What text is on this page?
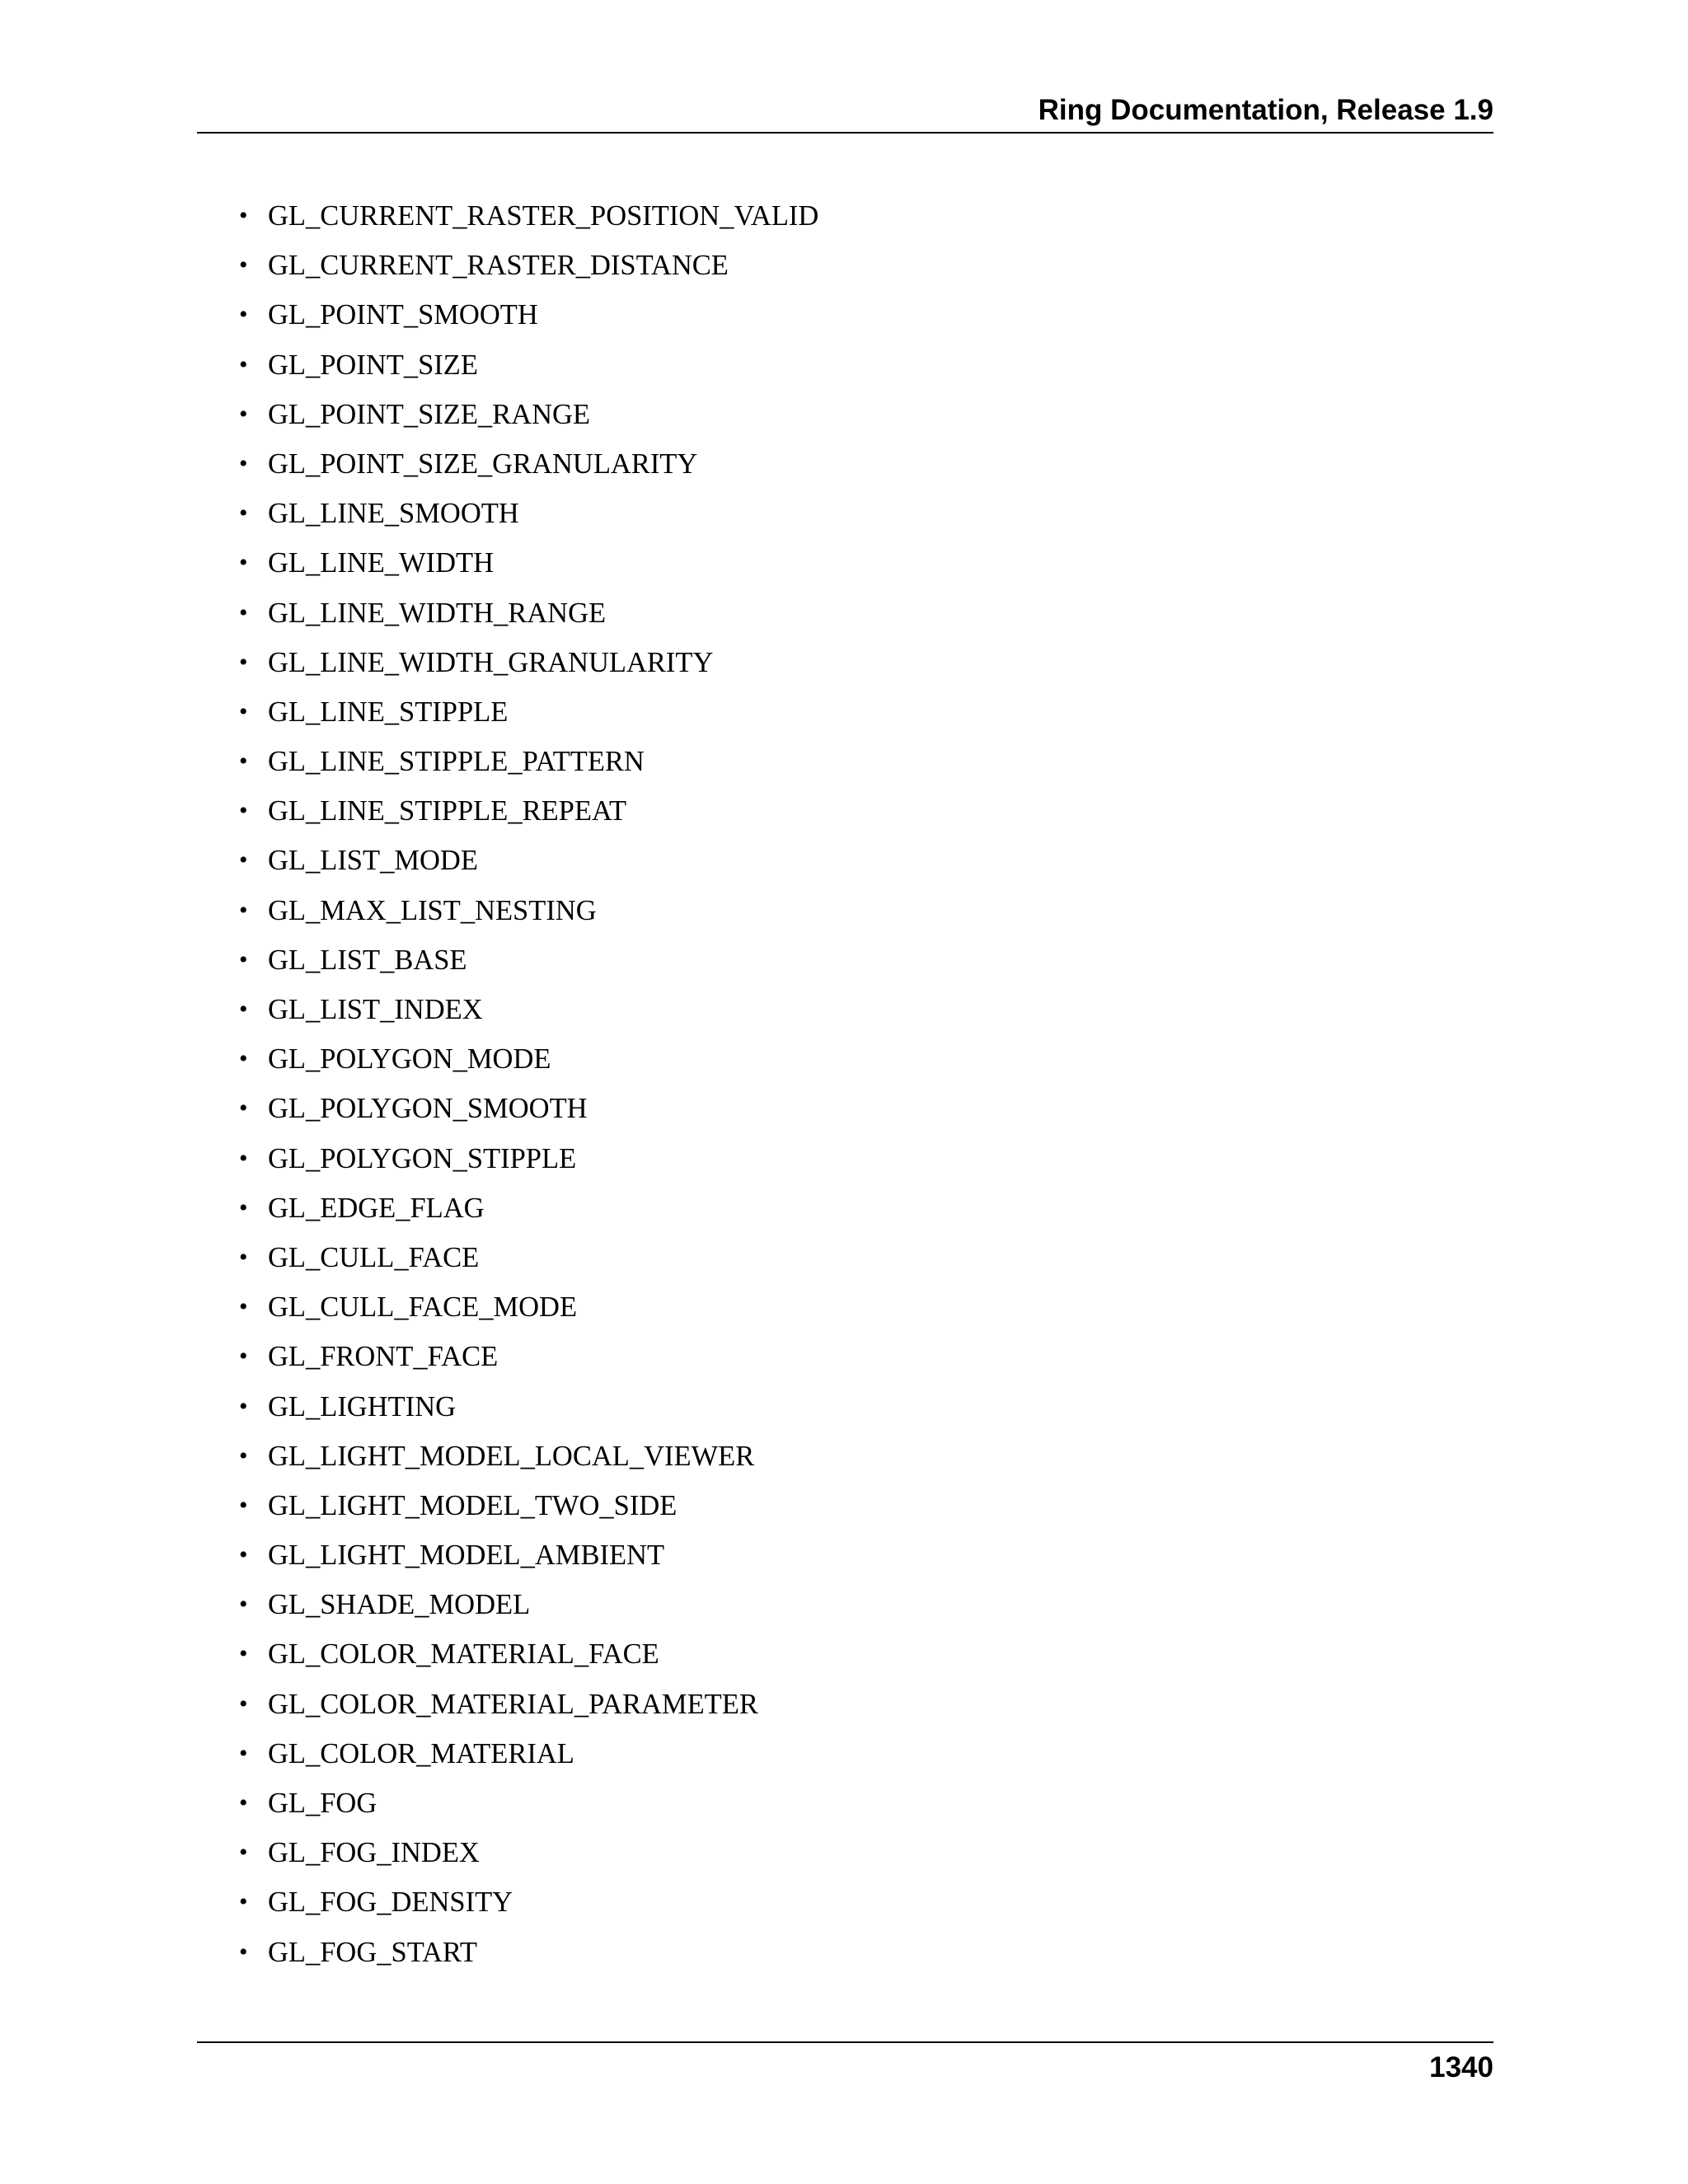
Ring Documentation, Release 1.9
• GL_CURRENT_RASTER_POSITION_VALID
• GL_CURRENT_RASTER_DISTANCE
• GL_POINT_SMOOTH
• GL_POINT_SIZE
• GL_POINT_SIZE_RANGE
• GL_POINT_SIZE_GRANULARITY
• GL_LINE_SMOOTH
• GL_LINE_WIDTH
• GL_LINE_WIDTH_RANGE
• GL_LINE_WIDTH_GRANULARITY
• GL_LINE_STIPPLE
• GL_LINE_STIPPLE_PATTERN
• GL_LINE_STIPPLE_REPEAT
• GL_LIST_MODE
• GL_MAX_LIST_NESTING
• GL_LIST_BASE
• GL_LIST_INDEX
• GL_POLYGON_MODE
• GL_POLYGON_SMOOTH
• GL_POLYGON_STIPPLE
• GL_EDGE_FLAG
• GL_CULL_FACE
• GL_CULL_FACE_MODE
• GL_FRONT_FACE
• GL_LIGHTING
• GL_LIGHT_MODEL_LOCAL_VIEWER
• GL_LIGHT_MODEL_TWO_SIDE
• GL_LIGHT_MODEL_AMBIENT
• GL_SHADE_MODEL
• GL_COLOR_MATERIAL_FACE
• GL_COLOR_MATERIAL_PARAMETER
• GL_COLOR_MATERIAL
• GL_FOG
• GL_FOG_INDEX
• GL_FOG_DENSITY
• GL_FOG_START
1340
